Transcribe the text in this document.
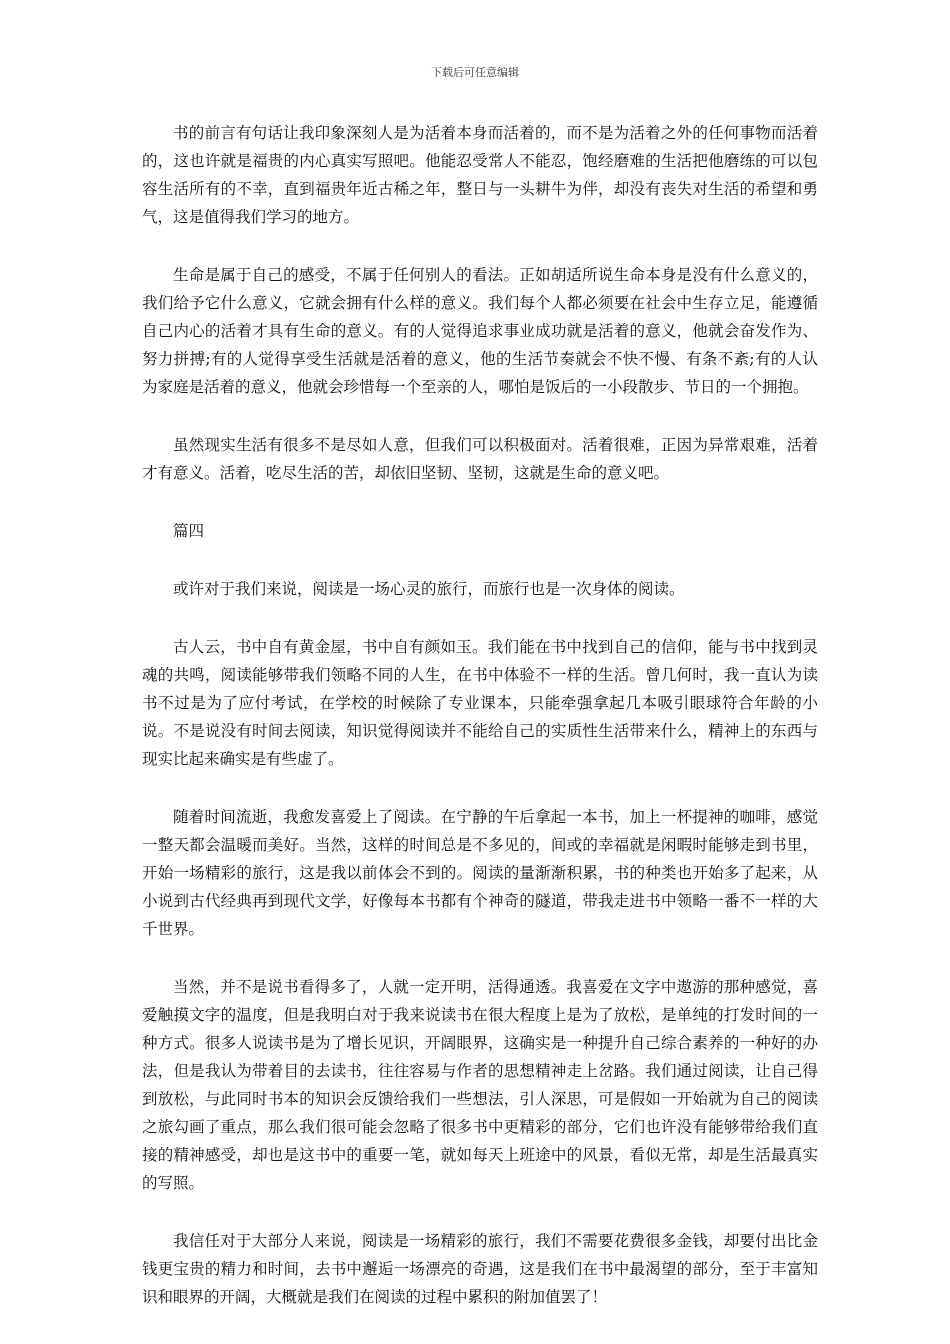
下载后可任意编辑

书的前言有句话让我印象深刻人是为活着本身而活着的，而不是为活着之外的任何事物而活着的，这也许就是福贵的内心真实写照吧。他能忍受常人不能忍，饱经磨难的生活把他磨练的可以包容生活所有的不幸，直到福贵年近古稀之年，整日与一头耕牛为伴，却没有丧失对生活的希望和勇气，这是值得我们学习的地方。

生命是属于自己的感受，不属于任何别人的看法。正如胡适所说生命本身是没有什么意义的，我们给予它什么意义，它就会拥有什么样的意义。我们每个人都必须要在社会中生存立足，能遵循自己内心的活着才具有生命的意义。有的人觉得追求事业成功就是活着的意义，他就会奋发作为、努力拼搏;有的人觉得享受生活就是活着的意义，他的生活节奏就会不快不慢、有条不紊;有的人认为家庭是活着的意义，他就会珍惜每一个至亲的人，哪怕是饭后的一小段散步、节日的一个拥抱。

虽然现实生活有很多不是尽如人意，但我们可以积极面对。活着很难，正因为异常艰难，活着才有意义。活着，吃尽生活的苦，却依旧坚韧、坚韧，这就是生命的意义吧。

篇四

或许对于我们来说，阅读是一场心灵的旅行，而旅行也是一次身体的阅读。

古人云，书中自有黄金屋，书中自有颜如玉。我们能在书中找到自己的信仰，能与书中找到灵魂的共鸣，阅读能够带我们领略不同的人生，在书中体验不一样的生活。曾几何时，我一直认为读书不过是为了应付考试，在学校的时候除了专业课本，只能牵强拿起几本吸引眼球符合年龄的小说。不是说没有时间去阅读，知识觉得阅读并不能给自己的实质性生活带来什么，精神上的东西与现实比起来确实是有些虚了。

随着时间流逝，我愈发喜爱上了阅读。在宁静的午后拿起一本书，加上一杯提神的咖啡，感觉一整天都会温暖而美好。当然，这样的时间总是不多见的，间或的幸福就是闲暇时能够走到书里，开始一场精彩的旅行，这是我以前体会不到的。阅读的量渐渐积累，书的种类也开始多了起来，从小说到古代经典再到现代文学，好像每本书都有个神奇的隧道，带我走进书中领略一番不一样的大千世界。

当然，并不是说书看得多了，人就一定开明，活得通透。我喜爱在文字中遨游的那种感觉，喜爱触摸文字的温度，但是我明白对于我来说读书在很大程度上是为了放松，是单纯的打发时间的一种方式。很多人说读书是为了增长见识，开阔眼界，这确实是一种提升自己综合素养的一种好的办法，但是我认为带着目的去读书，往往容易与作者的思想精神走上岔路。我们通过阅读，让自己得到放松，与此同时书本的知识会反馈给我们一些想法，引人深思，可是假如一开始就为自己的阅读之旅勾画了重点，那么我们很可能会忽略了很多书中更精彩的部分，它们也许没有能够带给我们直接的精神感受，却也是这书中的重要一笔，就如每天上班途中的风景，看似无常，却是生活最真实的写照。

我信任对于大部分人来说，阅读是一场精彩的旅行，我们不需要花费很多金钱，却要付出比金钱更宝贵的精力和时间，去书中邂逅一场漂亮的奇遇，这是我们在书中最渴望的部分，至于丰富知识和眼界的开阔，大概就是我们在阅读的过程中累积的附加值罢了！
